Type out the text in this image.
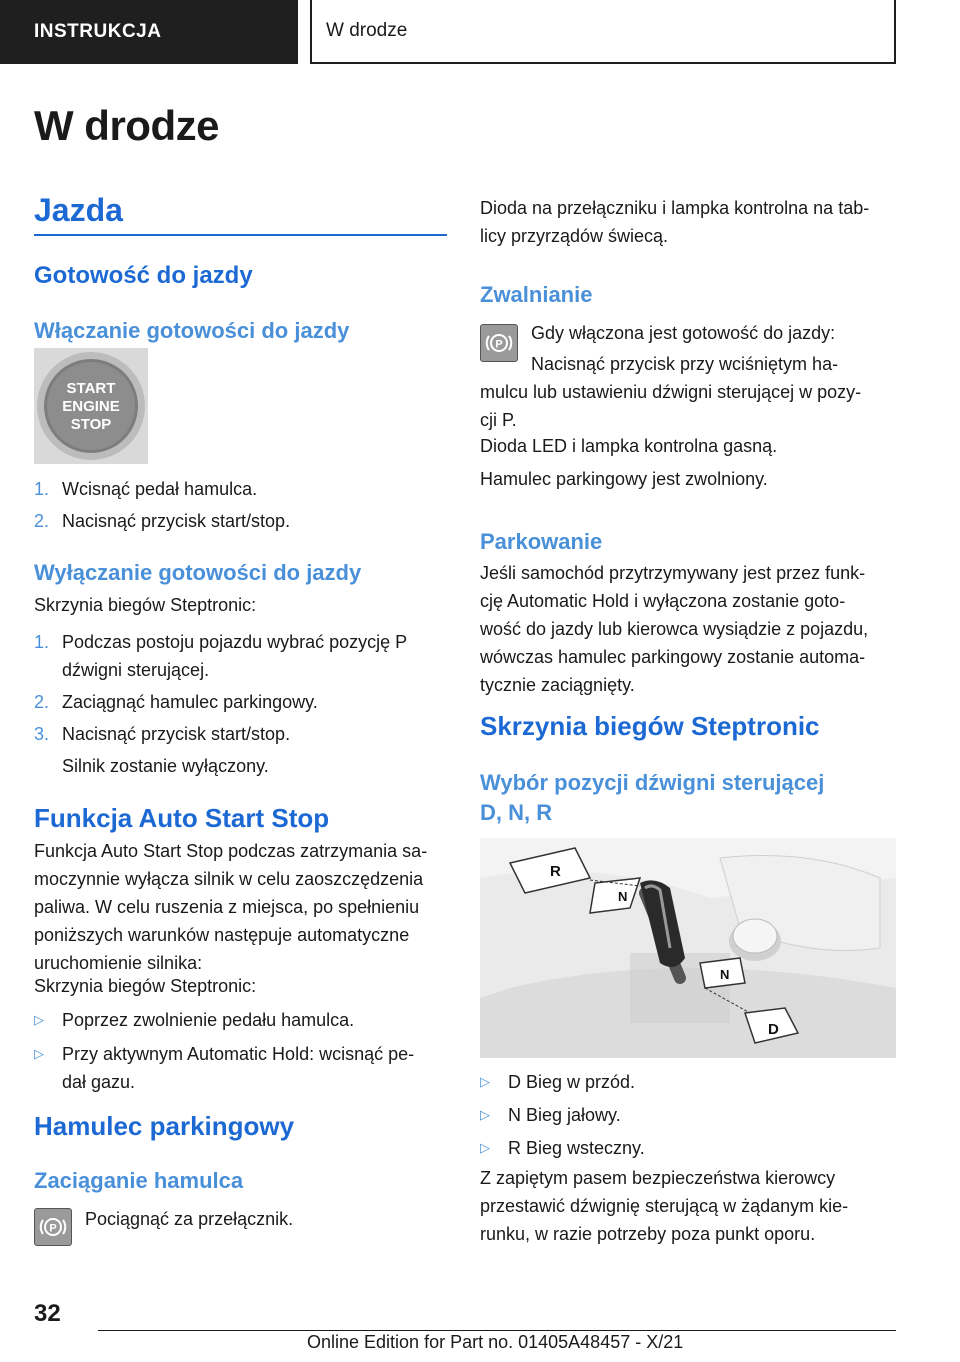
INSTRUKCJA	W drodze
W drodze
Jazda
Gotowość do jazdy
Włączanie gotowości do jazdy
START
ENGINE
STOP
1. Wcisnąć pedał hamulca.
2. Nacisnąć przycisk start/stop.
Wyłączanie gotowości do jazdy
Skrzynia biegów Steptronic:
1. Podczas postoju pojazdu wybrać pozycję P
dźwigni sterującej.
2. Zaciągnąć hamulec parkingowy.
3. Nacisnąć przycisk start/stop.
Silnik zostanie wyłączony.
Funkcja Auto Start Stop
Funkcja Auto Start Stop podczas zatrzymania sa-
moczynnie wyłącza silnik w celu zaoszczędzenia
paliwa. W celu ruszenia z miejsca, po spełnieniu
poniższych warunków następuje automatyczne
uruchomienie silnika:
Skrzynia biegów Steptronic:
▷	Poprzez zwolnienie pedału hamulca.
▷	Przy aktywnym Automatic Hold: wcisnąć pe-
dał gazu.
Hamulec parkingowy
Zaciąganie hamulca
P Pociągnąć za przełącznik.
Dioda na przełączniku i lampka kontrolna na tab-
licy przyrządów świecą.
Zwalnianie
P
Gdy włączona jest gotowość do jazdy:
Nacisnąć przycisk przy wciśniętym ha-
mulcu lub ustawieniu dźwigni sterującej w pozy-
cji P.
Dioda LED i lampka kontrolna gasną.
Hamulec parkingowy jest zwolniony.
Parkowanie
Jeśli samochód przytrzymywany jest przez funk-
cję Automatic Hold i wyłączona zostanie goto-
wość do jazdy lub kierowca wysiądzie z pojazdu,
wówczas hamulec parkingowy zostanie automa-
tycznie zaciągnięty.
Skrzynia biegów Steptronic
Wybór pozycji dźwigni sterującej
D, N, R
R
N
N
D
▷	D Bieg w przód.
▷	N Bieg jałowy.
▷	R Bieg wsteczny.
Z zapiętym pasem bezpieczeństwa kierowcy
przestawić dźwignię sterującą w żądanym kie-
runku, w razie potrzeby poza punkt oporu.
32
Online Edition for Part no. 01405A48457 - X/21
